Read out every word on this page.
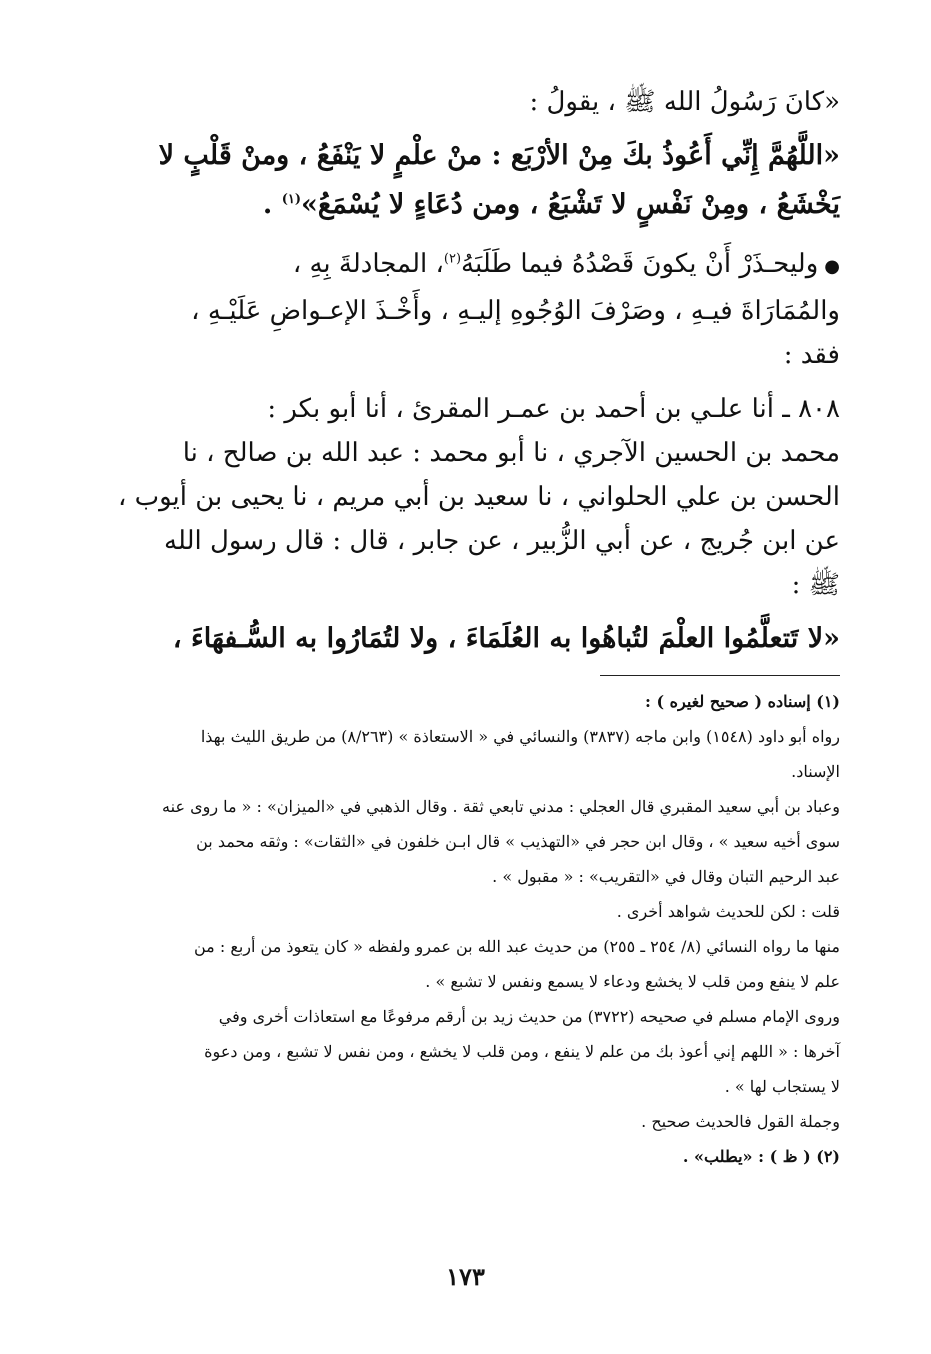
«كانَ رَسُولُ الله ﷺ ، يقولُ :
«اللَّهُمَّ إِنِّي أَعُوذُ بكَ مِنْ الأرْبَع : منْ علْمٍ لا يَنْفَعُ ، ومنْ قَلْبٍ لا
يَخْشَعُ ، ومِنْ نَفْسٍ لا تَشْبَعُ ، ومن دُعَاءٍ لا يُسْمَعُ»$^{(١)}$ .
●وليحـذَرْ أَنْ يكونَ قَصْدُهُ فيما طَلَبَهُ$^{(٢)}$، المجادلةَ بِهِ ،
والمُمَارَاةَ فيـهِ ، وصَرْفَ الوُجُوهِ إليـهِ ، وأَخْـذَ الإعـواضِ عَلَيْـهِ ،
فقد :
٨٠٨ ـ أنا علـي بن أحمد بن عمـر المقرئ ، أنا أبو بكر :
محمد بن الحسين الآجري ، نا أبو محمد : عبد الله بن صالح ، نا
الحسن بن علي الحلواني ، نا سعيد بن أبي مريم ، نا يحيى بن أيوب ،
عن ابن جُريج ، عن أبي الزُّبير ، عن جابر ، قال : قال رسول الله
ﷺ :
«لا تَتعلَّمُوا العلْمَ لتُباهُوا به العُلَمَاءَ ، ولا لتُمَارُوا به السُّـفهَاءَ ،
(١) إسناده ( صحيح لغيره ) :
رواه أبو داود (١٥٤٨) وابن ماجه (٣٨٣٧) والنسائي في « الاستعاذة » (٨/٢٦٣) من طريق الليث بهذا
الإسناد.
وعباد بن أبي سعيد المقبري قال العجلي : مدني تابعي ثقة . وقال الذهبي في «الميزان» : « ما روى عنه
سوى أخيه سعيد » ، وقال ابن حجر في «التهذيب » قال ابـن خلفون في «الثقات» : وثقه محمد بن
عبد الرحيم التبان وقال في «التقريب» : « مقبول » .
قلت : لكن للحديث شواهد أخرى .
منها ما رواه النسائي (٨/ ٢٥٤ ـ ٢٥٥) من حديث عبد الله بن عمرو ولفظه « كان يتعوذ من أربع : من
علم لا ينفع ومن قلب لا يخشع ودعاء لا يسمع ونفس لا تشبع » .
وروى الإمام مسلم في صحيحه (٣٧٢٢) من حديث زيد بن أرقم مرفوعًا مع استعاذات أخرى وفي
آخرها : « اللهم إني أعوذ بك من علم لا ينفع ، ومن قلب لا يخشع ، ومن نفس لا تشبع ، ومن دعوة
لا يستجاب لها » .
وجملة القول فالحديث صحيح .
(٢) ( ظ ) : «يطلب» .
١٧٣
